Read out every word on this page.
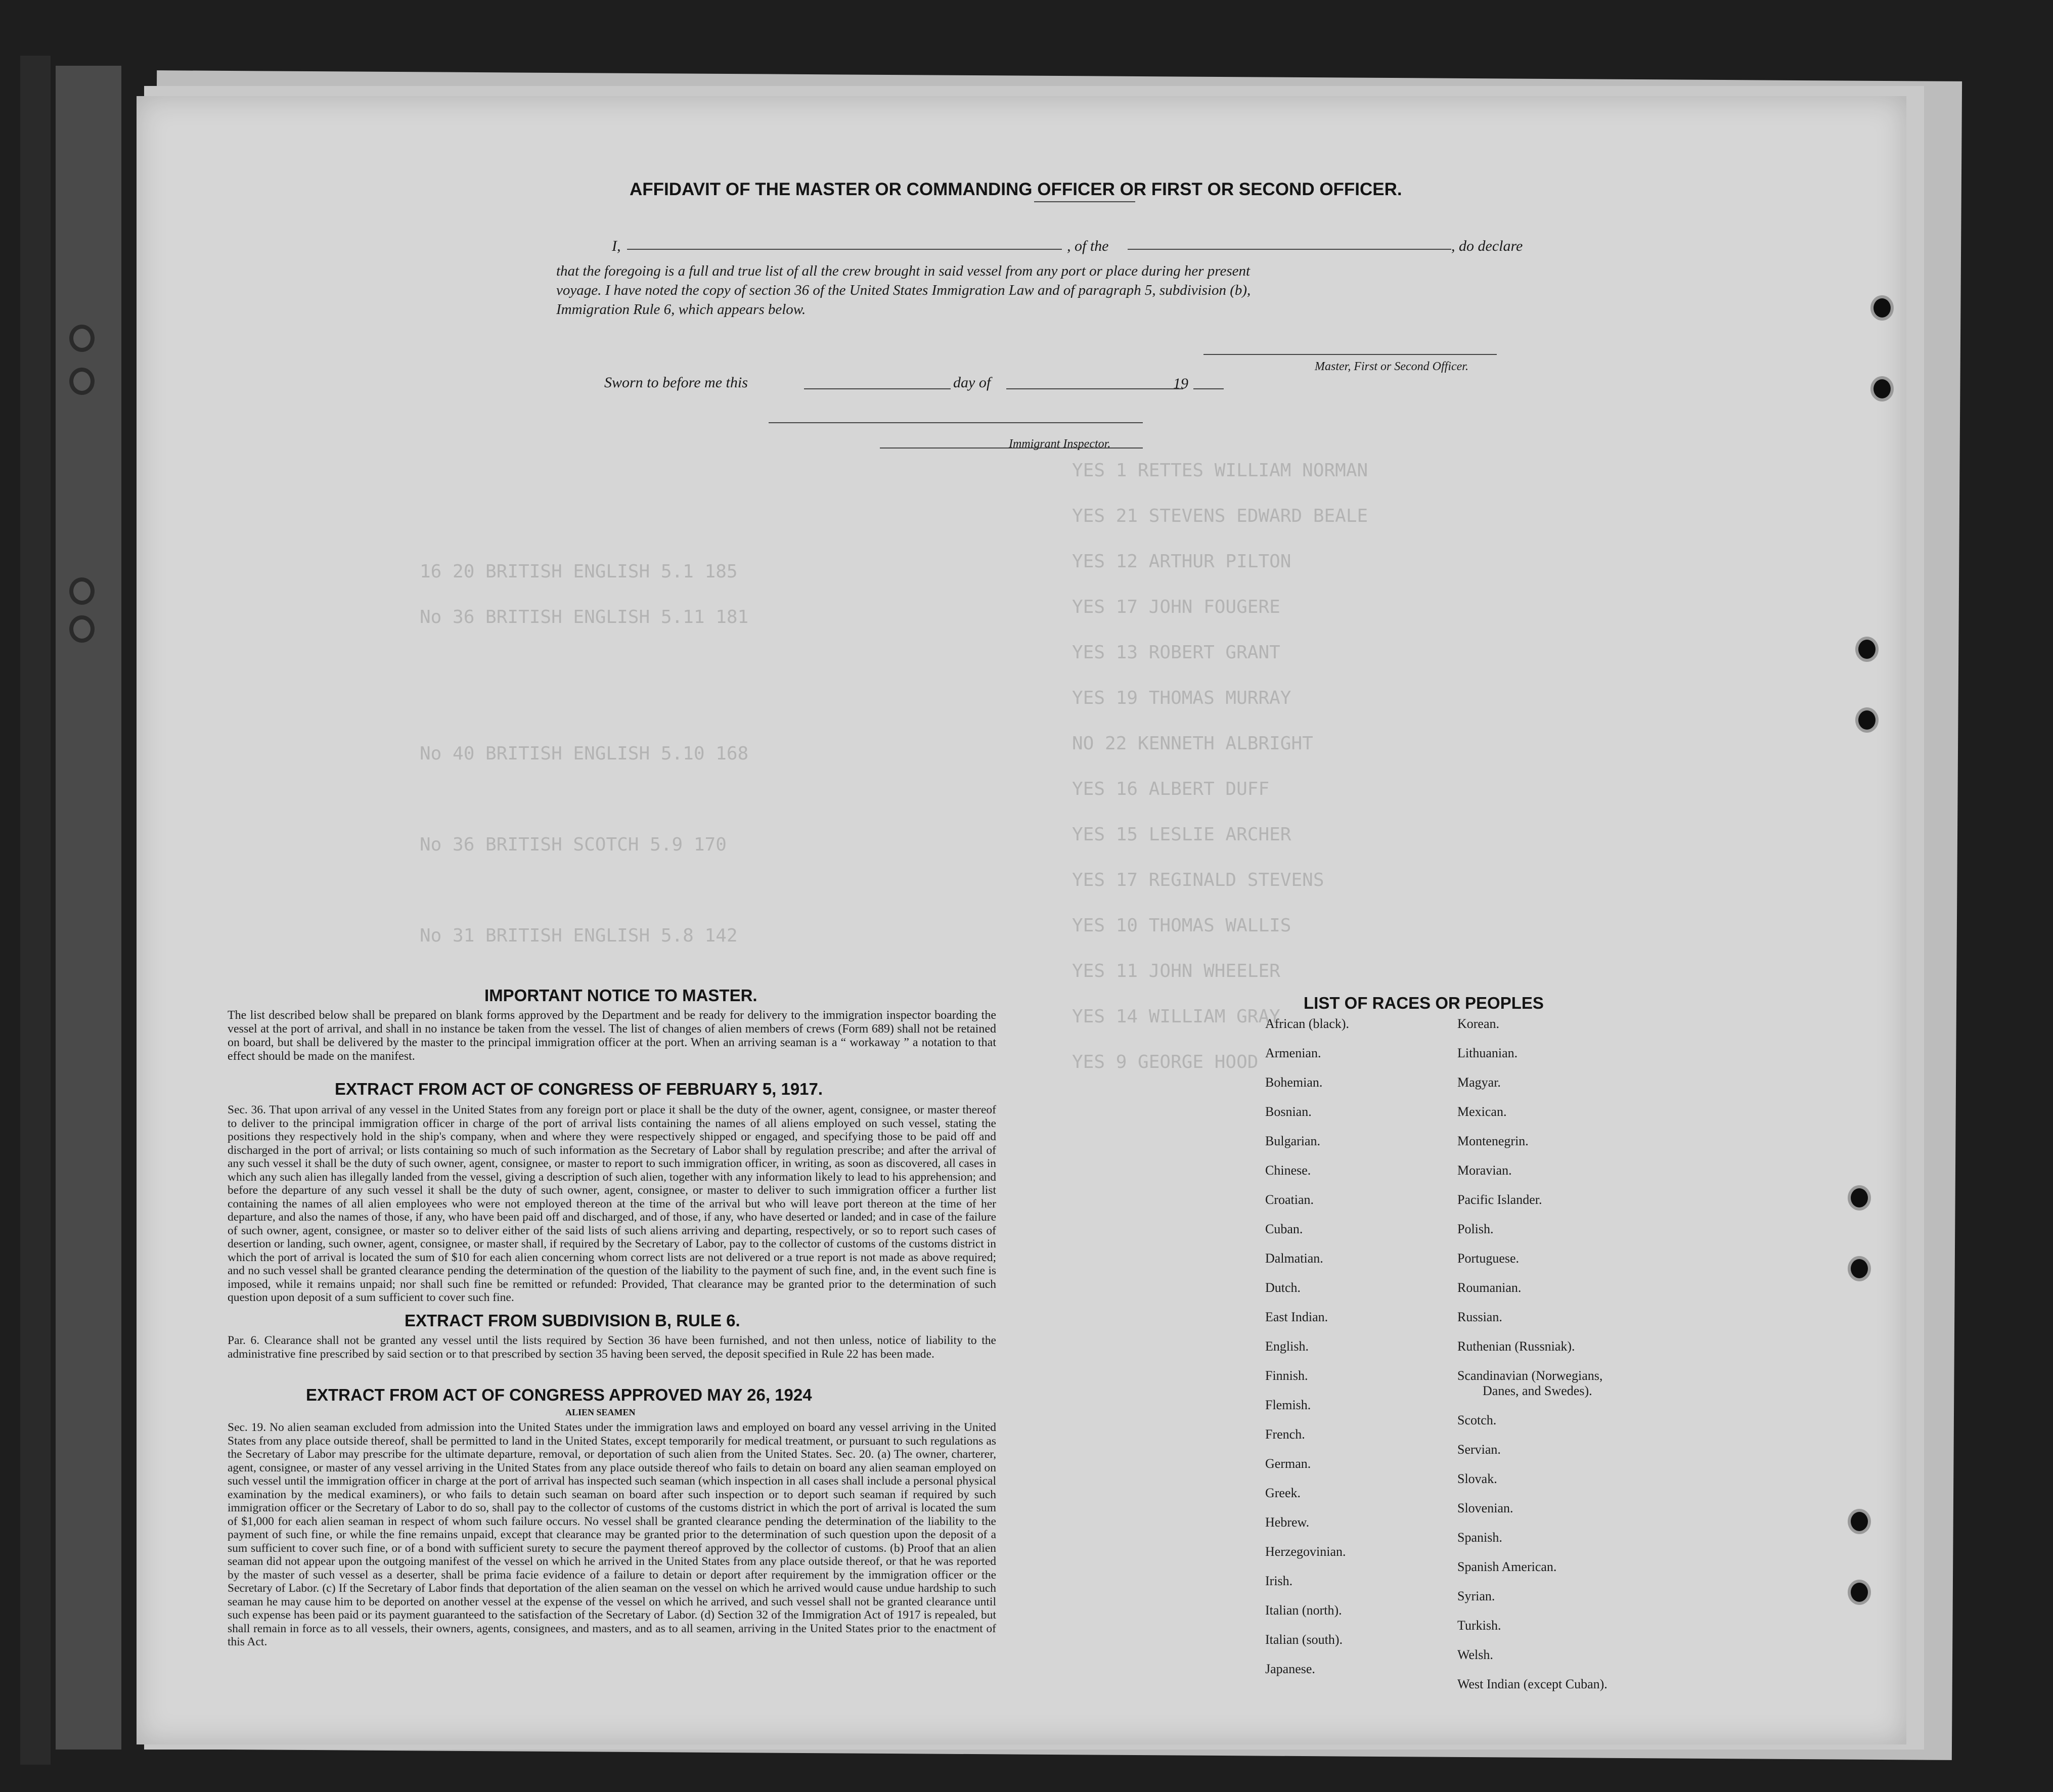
YES 1 RETTES WILLIAM NORMAN
YES 21 STEVENS EDWARD BEALE
YES 12 ARTHUR PILTON
YES 17 JOHN FOUGERE
YES 13 ROBERT GRANT
YES 19 THOMAS MURRAY
NO 22 KENNETH ALBRIGHT
YES 16 ALBERT DUFF
YES 15 LESLIE ARCHER
YES 17 REGINALD STEVENS
YES 10 THOMAS WALLIS
YES 11 JOHN WHEELER
YES 14 WILLIAM GRAY
YES 9 GEORGE HOOD
16 20 BRITISH ENGLISH 5.1 185
No 36 BRITISH ENGLISH 5.11 181
No 40 BRITISH ENGLISH 5.10 168
No 36 BRITISH SCOTCH 5.9 170
No 31 BRITISH ENGLISH 5.8 142
AFFIDAVIT OF THE MASTER OR COMMANDING OFFICER OR FIRST OR SECOND OFFICER.
I,	, of the	, do declare
that the foregoing is a full and true list of all the crew brought in said vessel from any port or place during her present
voyage. I have noted the copy of section 36 of the United States Immigration Law and of paragraph 5, subdivision (b),
Immigration Rule 6, which appears below.
Master, First or Second Officer.
Sworn to before me this	day of	19
Immigrant Inspector.
IMPORTANT NOTICE TO MASTER.
The list described below shall be prepared on blank forms approved by the Department and be ready for delivery to the immigration inspector boarding the vessel at the port of arrival, and shall in no instance be taken from the vessel. The list of changes of alien members of crews (Form 689) shall not be retained on board, but shall be delivered by the master to the principal immigration officer at the port. When an arriving seaman is a “ workaway ” a notation to that effect should be made on the manifest.
EXTRACT FROM ACT OF CONGRESS OF FEBRUARY 5, 1917.
Sec. 36. That upon arrival of any vessel in the United States from any foreign port or place it shall be the duty of the owner, agent, consignee, or master thereof to deliver to the principal immigration officer in charge of the port of arrival lists containing the names of all aliens employed on such vessel, stating the positions they respectively hold in the ship's company, when and where they were respectively shipped or engaged, and specifying those to be paid off and discharged in the port of arrival; or lists containing so much of such information as the Secretary of Labor shall by regulation prescribe; and after the arrival of any such vessel it shall be the duty of such owner, agent, consignee, or master to report to such immigration officer, in writing, as soon as discovered, all cases in which any such alien has illegally landed from the vessel, giving a description of such alien, together with any information likely to lead to his apprehension; and before the departure of any such vessel it shall be the duty of such owner, agent, consignee, or master to deliver to such immigration officer a further list containing the names of all alien employees who were not employed thereon at the time of the arrival but who will leave port thereon at the time of her departure, and also the names of those, if any, who have been paid off and discharged, and of those, if any, who have deserted or landed; and in case of the failure of such owner, agent, consignee, or master so to deliver either of the said lists of such aliens arriving and departing, respectively, or so to report such cases of desertion or landing, such owner, agent, consignee, or master shall, if required by the Secretary of Labor, pay to the collector of customs of the customs district in which the port of arrival is located the sum of $10 for each alien concerning whom correct lists are not delivered or a true report is not made as above required; and no such vessel shall be granted clearance pending the determination of the question of the liability to the payment of such fine, and, in the event such fine is imposed, while it remains unpaid; nor shall such fine be remitted or refunded: Provided, That clearance may be granted prior to the determination of such question upon deposit of a sum sufficient to cover such fine.
EXTRACT FROM SUBDIVISION B, RULE 6.
Par. 6. Clearance shall not be granted any vessel until the lists required by Section 36 have been furnished, and not then unless, notice of liability to the administrative fine prescribed by said section or to that prescribed by section 35 having been served, the deposit specified in Rule 22 has been made.
EXTRACT FROM ACT OF CONGRESS APPROVED MAY 26, 1924
ALIEN SEAMEN
Sec. 19. No alien seaman excluded from admission into the United States under the immigration laws and employed on board any vessel arriving in the United States from any place outside thereof, shall be permitted to land in the United States, except temporarily for medical treatment, or pursuant to such regulations as the Secretary of Labor may prescribe for the ultimate departure, removal, or deportation of such alien from the United States. Sec. 20. (a) The owner, charterer, agent, consignee, or master of any vessel arriving in the United States from any place outside thereof who fails to detain on board any alien seaman employed on such vessel until the immigration officer in charge at the port of arrival has inspected such seaman (which inspection in all cases shall include a personal physical examination by the medical examiners), or who fails to detain such seaman on board after such inspection or to deport such seaman if required by such immigration officer or the Secretary of Labor to do so, shall pay to the collector of customs of the customs district in which the port of arrival is located the sum of $1,000 for each alien seaman in respect of whom such failure occurs. No vessel shall be granted clearance pending the determination of the liability to the payment of such fine, or while the fine remains unpaid, except that clearance may be granted prior to the determination of such question upon the deposit of a sum sufficient to cover such fine, or of a bond with sufficient surety to secure the payment thereof approved by the collector of customs. (b) Proof that an alien seaman did not appear upon the outgoing manifest of the vessel on which he arrived in the United States from any place outside thereof, or that he was reported by the master of such vessel as a deserter, shall be prima facie evidence of a failure to detain or deport after requirement by the immigration officer or the Secretary of Labor. (c) If the Secretary of Labor finds that deportation of the alien seaman on the vessel on which he arrived would cause undue hardship to such seaman he may cause him to be deported on another vessel at the expense of the vessel on which he arrived, and such vessel shall not be granted clearance until such expense has been paid or its payment guaranteed to the satisfaction of the Secretary of Labor. (d) Section 32 of the Immigration Act of 1917 is repealed, but shall remain in force as to all vessels, their owners, agents, consignees, and masters, and as to all seamen, arriving in the United States prior to the enactment of this Act.
LIST OF RACES OR PEOPLES
African (black).
Armenian.
Bohemian.
Bosnian.
Bulgarian.
Chinese.
Croatian.
Cuban.
Dalmatian.
Dutch.
East Indian.
English.
Finnish.
Flemish.
French.
German.
Greek.
Hebrew.
Herzegovinian.
Irish.
Italian (north).
Italian (south).
Japanese.
Korean.
Lithuanian.
Magyar.
Mexican.
Montenegrin.
Moravian.
Pacific Islander.
Polish.
Portuguese.
Roumanian.
Russian.
Ruthenian (Russniak).
Scandinavian (Norwegians,
Danes, and Swedes).
Scotch.
Servian.
Slovak.
Slovenian.
Spanish.
Spanish American.
Syrian.
Turkish.
Welsh.
West Indian (except Cuban).
